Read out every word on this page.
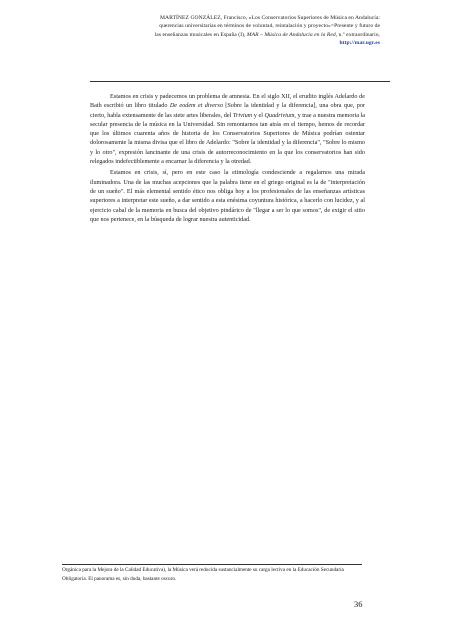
MARTÍNEZ GONZÁLEZ, Francisco, «Los Conservatorios Superiores de Música en Andalucía:
querencias universitarias en términos de voluntad, reintalación y proyecto»=Presente y futuro de
las enseñanzas musicales en España (I), MAR – Música de Andalucía en la Red, n.º extraordinario,
http://mar.ugr.es

Estamos en crisis y padecemos un problema de amnesia. En el siglo XII, el erudito inglés Adelardo de Bath escribió un libro titulado De eodem et diverso [Sobre la identidad y la diferencia], una obra que, por cierto, habla extensamente de las siete artes liberales, del Trivium y el Quadrivium, y trae a nuestra memoria la secular presencia de la música en la Universidad. Sin remontarnos tan atrás en el tiempo, hemos de recordar que los últimos cuarenta años de historia de los Conservatorios Superiores de Música podrían ostentar dolorosamente la misma divisa que el libro de Adelardo: "Sobre la identidad y la diferencia", "Sobre lo mismo y lo otro", expresión lancinante de una crisis de autorreconocimiento en la que los conservatorios han sido relegados indefectiblemente a encarnar la diferencia y la otredad.

Estamos en crisis, sí, pero en este caso la etimología condesciende a regalarnos una mirada iluminadora. Una de las muchas acepciones que la palabra tiene en el griego original es la de "interpretación de un sueño". El más elemental sentido ético nos obliga hoy a los profesionales de las enseñanzas artísticas superiores a interpretar este sueño, a dar sentido a esta enésima coyuntura histórica, a hacerlo con lucidez, y al ejercicio cabal de la memoria en busca del objetivo pindárico de "llegar a ser lo que somos", de exigir el sitio que nos pertenece, en la búsqueda de lograr nuestra autenticidad.

Orgánica para la Mejora de la Calidad Educativa), la Música verá reducida sustancialmente su carga lectiva en la Educación Secundaria Obligatoria. El panorama es, sin duda, bastante oscuro.
36
